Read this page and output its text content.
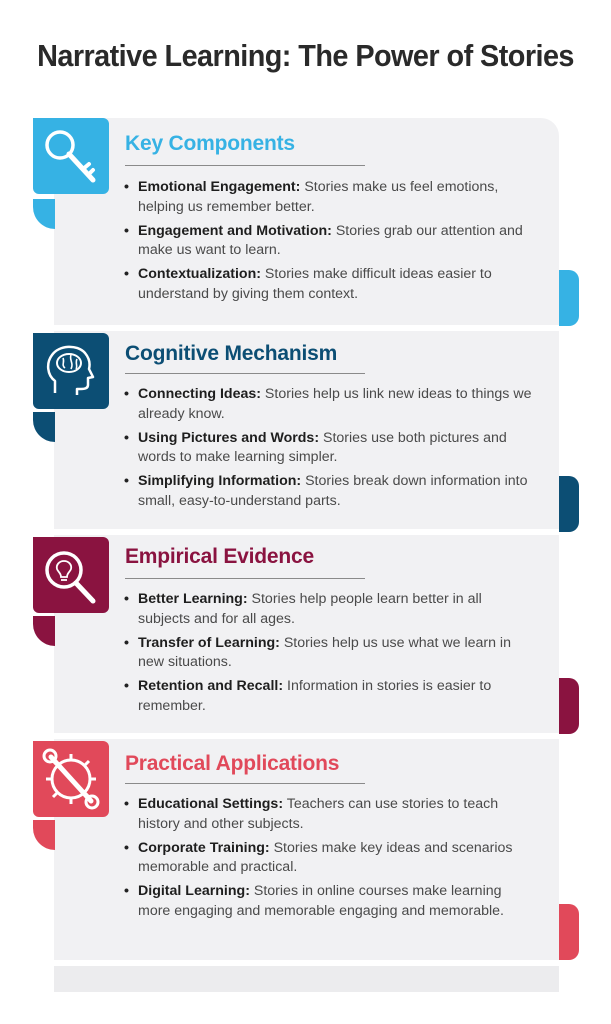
Narrative Learning: The Power of Stories
Key Components
• Emotional Engagement: Stories make us feel emotions, helping us remember better.
• Engagement and Motivation: Stories grab our attention and make us want to learn.
• Contextualization: Stories make difficult ideas easier to understand by giving them context.
Cognitive Mechanism
• Connecting Ideas: Stories help us link new ideas to things we already know.
• Using Pictures and Words: Stories use both pictures and words to make learning simpler.
• Simplifying Information: Stories break down information into small, easy-to-understand parts.
Empirical Evidence
• Better Learning: Stories help people learn better in all subjects and for all ages.
• Transfer of Learning: Stories help us use what we learn in new situations.
• Retention and Recall: Information in stories is easier to remember.
Practical Applications
• Educational Settings: Teachers can use stories to teach history and other subjects.
• Corporate Training: Stories make key ideas and scenarios memorable and practical.
• Digital Learning: Stories in online courses make learning more engaging and memorable engaging and memorable.
